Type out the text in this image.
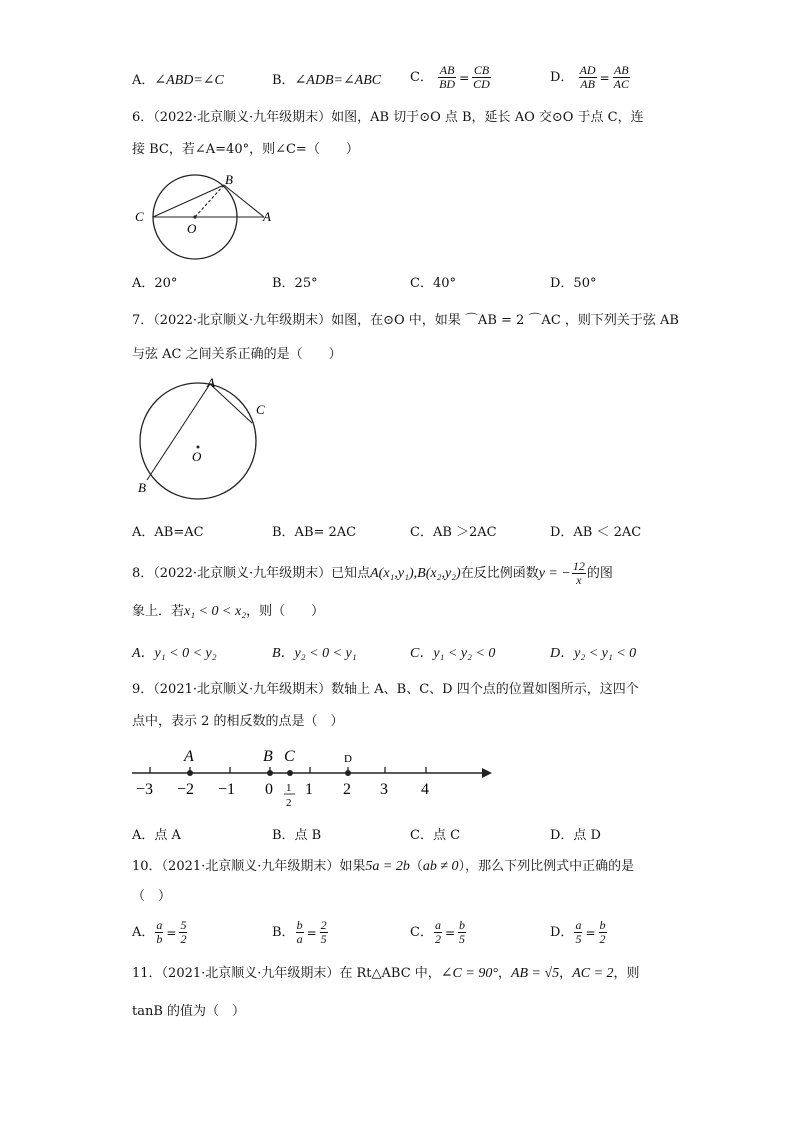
A．∠ABD=∠C	B．∠ADB=∠ABC C． $\frac{AB}{BD} = \frac{CB}{CD}$	D． $\frac{AD}{AB} = \frac{AB}{AC}$
6．（2022·北京顺义·九年级期末）如图，AB 切于⊙O 点 B，延长 AO 交⊙O 于点 C，连
接 BC，若∠A=40°，则∠C=（　　）
B
C
O
A
A．20°	B．25°	C．40°	D．50°
7．（2022·北京顺义·九年级期末）如图，在⊙O 中，如果 ⌒AB = 2 ⌒AC ，则下列关于弦 AB
与弦 AC 之间关系正确的是（　　）
A
C
O
B
A．AB=AC	B．AB= 2AC	C．AB ＞2AC	D．AB ＜ 2AC
8．（2022·北京顺义·九年级期末）已知点A(x₁,y₁),B(x₂,y₂)在反比例函数y = − $\frac{12}{x}$ 的图
象上．若x₁ < 0 < x₂，则（　　）
A．y₁ < 0 < y₂	B．y₂ < 0 < y₁	C．y₁ < y₂ < 0	D．y₂ < y₁ < 0
9．（2021·北京顺义·九年级期末）数轴上 A、B、C、D 四个点的位置如图所示，这四个
点中，表示 2 的相反数的点是（　）
A	B C	D
−3 −2 −1 0 1 2 3 4
1
2
A．点 A	B．点 B	C．点 C	D．点 D
10．（2021·北京顺义·九年级期末）如果5a = 2b（ab ≠ 0），那么下列比例式中正确的是
（　）
A． $\frac{a}{b} = \frac{5}{2}$	B． $\frac{b}{a} = \frac{2}{5}$	C． $\frac{a}{2} = \frac{b}{5}$	D． $\frac{a}{5} = \frac{b}{2}$
11．（2021·北京顺义·九年级期末）在 Rt△ABC 中，∠C = 90°，AB = √5，AC = 2，则
tanB 的值为（　）
